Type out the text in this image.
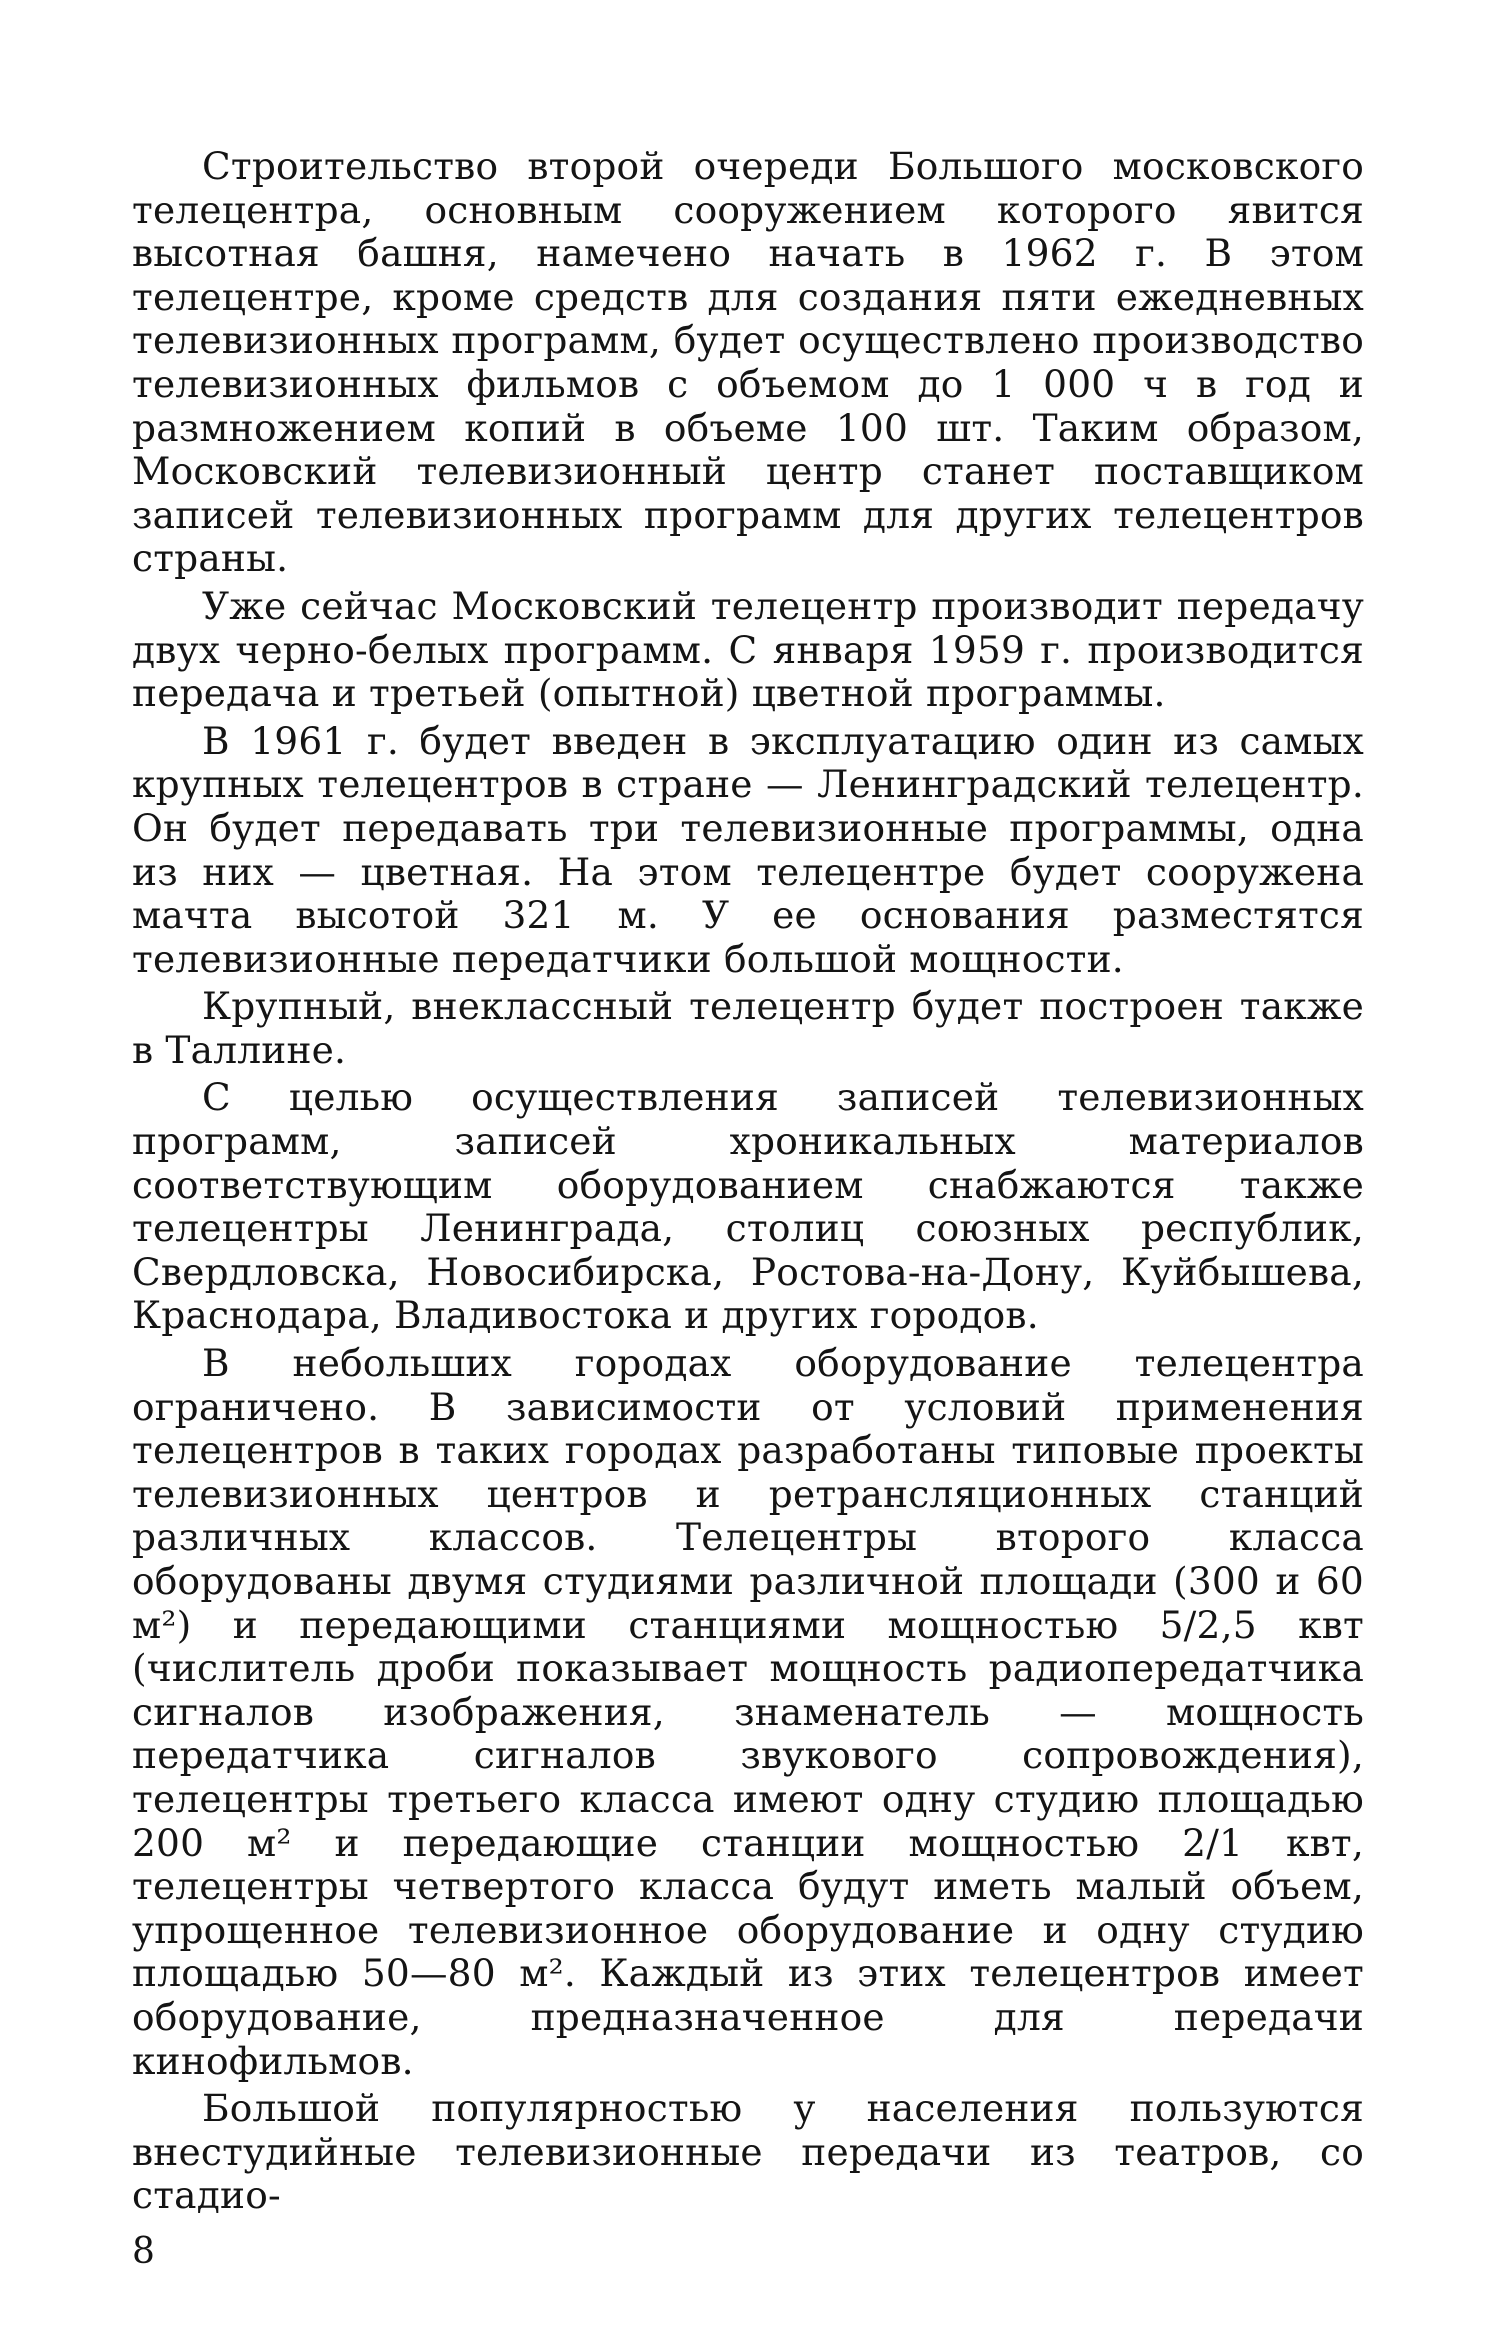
Строительство второй очереди Большого московского телецентра, основным сооружением которого явится высотная башня, намечено начать в 1962 г. В этом телецентре, кроме средств для создания пяти ежедневных телевизионных программ, будет осуществлено производство телевизионных фильмов с объемом до 1 000 ч в год и размножением копий в объеме 100 шт. Таким образом, Московский телевизионный центр станет поставщиком записей телевизионных программ для других телецентров страны.

Уже сейчас Московский телецентр производит передачу двух черно-белых программ. С января 1959 г. производится передача и третьей (опытной) цветной программы.

В 1961 г. будет введен в эксплуатацию один из самых крупных телецентров в стране — Ленинградский телецентр. Он будет передавать три телевизионные программы, одна из них — цветная. На этом телецентре будет сооружена мачта высотой 321 м. У ее основания разместятся телевизионные передатчики большой мощности.

Крупный, внеклассный телецентр будет построен также в Таллине.

С целью осуществления записей телевизионных программ, записей хроникальных материалов соответствующим оборудованием снабжаются также телецентры Ленинграда, столиц союзных республик, Свердловска, Новосибирска, Ростова-на-Дону, Куйбышева, Краснодара, Владивостока и других городов.

В небольших городах оборудование телецентра ограничено. В зависимости от условий применения телецентров в таких городах разработаны типовые проекты телевизионных центров и ретрансляционных станций различных классов. Телецентры второго класса оборудованы двумя студиями различной площади (300 и 60 м²) и передающими станциями мощностью 5/2,5 квт (числитель дроби показывает мощность радиопередатчика сигналов изображения, знаменатель — мощность передатчика сигналов звукового сопровождения), телецентры третьего класса имеют одну студию площадью 200 м² и передающие станции мощностью 2/1 квт, телецентры четвертого класса будут иметь малый объем, упрощенное телевизионное оборудование и одну студию площадью 50—80 м². Каждый из этих телецентров имеет оборудование, предназначенное для передачи кинофильмов.

Большой популярностью у населения пользуются внестудийные телевизионные передачи из театров, со стадио-

8
